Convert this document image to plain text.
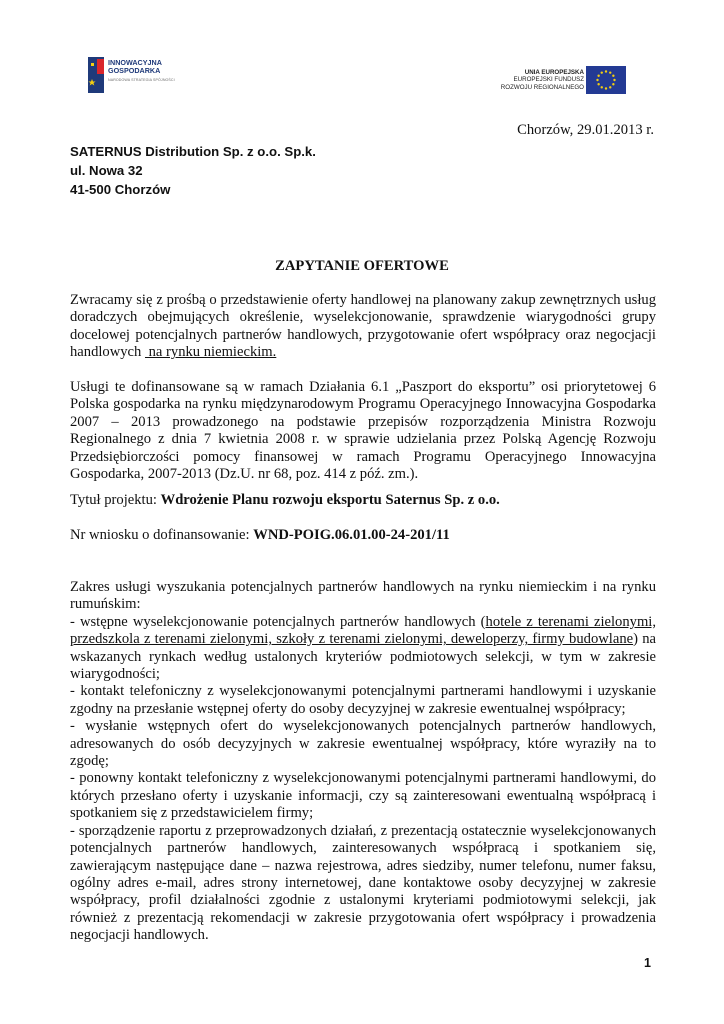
INNOWACYJNA
GOSPODARKA
NARODOWA STRATEGIA SPÓJNOŚCI
UNIA EUROPEJSKA
EUROPEJSKI FUNDUSZ
ROZWOJU REGIONALNEGO
Chorzów, 29.01.2013 r.
SATERNUS Distribution Sp. z o.o. Sp.k.
ul. Nowa 32
41-500 Chorzów
ZAPYTANIE OFERTOWE
Zwracamy się z prośbą o przedstawienie oferty handlowej na planowany zakup zewnętrznych usług
doradczych obejmujących określenie, wyselekcjonowanie, sprawdzenie wiarygodności grupy
docelowej potencjalnych partnerów handlowych, przygotowanie ofert współpracy oraz negocjacji
handlowych  na rynku niemieckim.
Usługi te dofinansowane są w ramach Działania 6.1 „Paszport do eksportu” osi priorytetowej 6
Polska gospodarka na rynku międzynarodowym Programu Operacyjnego Innowacyjna Gospodarka
2007 – 2013 prowadzonego na podstawie przepisów rozporządzenia Ministra Rozwoju
Regionalnego z dnia 7 kwietnia 2008 r. w sprawie udzielania przez Polską Agencję Rozwoju
Przedsiębiorczości pomocy finansowej w ramach Programu Operacyjnego Innowacyjna
Gospodarka, 2007-2013 (Dz.U. nr 68, poz. 414 z póź. zm.).
Tytuł projektu: Wdrożenie Planu rozwoju eksportu Saternus Sp. z o.o.
Nr wniosku o dofinansowanie: WND-POIG.06.01.00-24-201/11
Zakres usługi wyszukania potencjalnych partnerów handlowych na rynku niemieckim i na rynku
rumuńskim:
- wstępne wyselekcjonowanie potencjalnych partnerów handlowych (hotele z terenami zielonymi,
przedszkola z terenami zielonymi, szkoły z terenami zielonymi, deweloperzy, firmy budowlane) na
wskazanych rynkach według ustalonych kryteriów podmiotowych selekcji, w tym w zakresie
wiarygodności;
- kontakt telefoniczny z wyselekcjonowanymi potencjalnymi partnerami handlowymi i uzyskanie
zgodny na przesłanie wstępnej oferty do osoby decyzyjnej w zakresie ewentualnej współpracy;
- wysłanie wstępnych ofert do wyselekcjonowanych potencjalnych partnerów handlowych,
adresowanych do osób decyzyjnych w zakresie ewentualnej współpracy, które wyraziły na to
zgodę;
- ponowny kontakt telefoniczny z wyselekcjonowanymi potencjalnymi partnerami handlowymi, do
których przesłano oferty i uzyskanie informacji, czy są zainteresowani ewentualną współpracą i
spotkaniem się z przedstawicielem firmy;
- sporządzenie raportu z przeprowadzonych działań, z prezentacją ostatecznie wyselekcjonowanych
potencjalnych partnerów handlowych, zainteresowanych współpracą i spotkaniem się,
zawierającym następujące dane – nazwa rejestrowa, adres siedziby, numer telefonu, numer faksu,
ogólny adres e-mail, adres strony internetowej, dane kontaktowe osoby decyzyjnej w zakresie
współpracy, profil działalności zgodnie z ustalonymi kryteriami podmiotowymi selekcji, jak
również z prezentacją rekomendacji w zakresie przygotowania ofert współpracy i prowadzenia
negocjacji handlowych.
1
